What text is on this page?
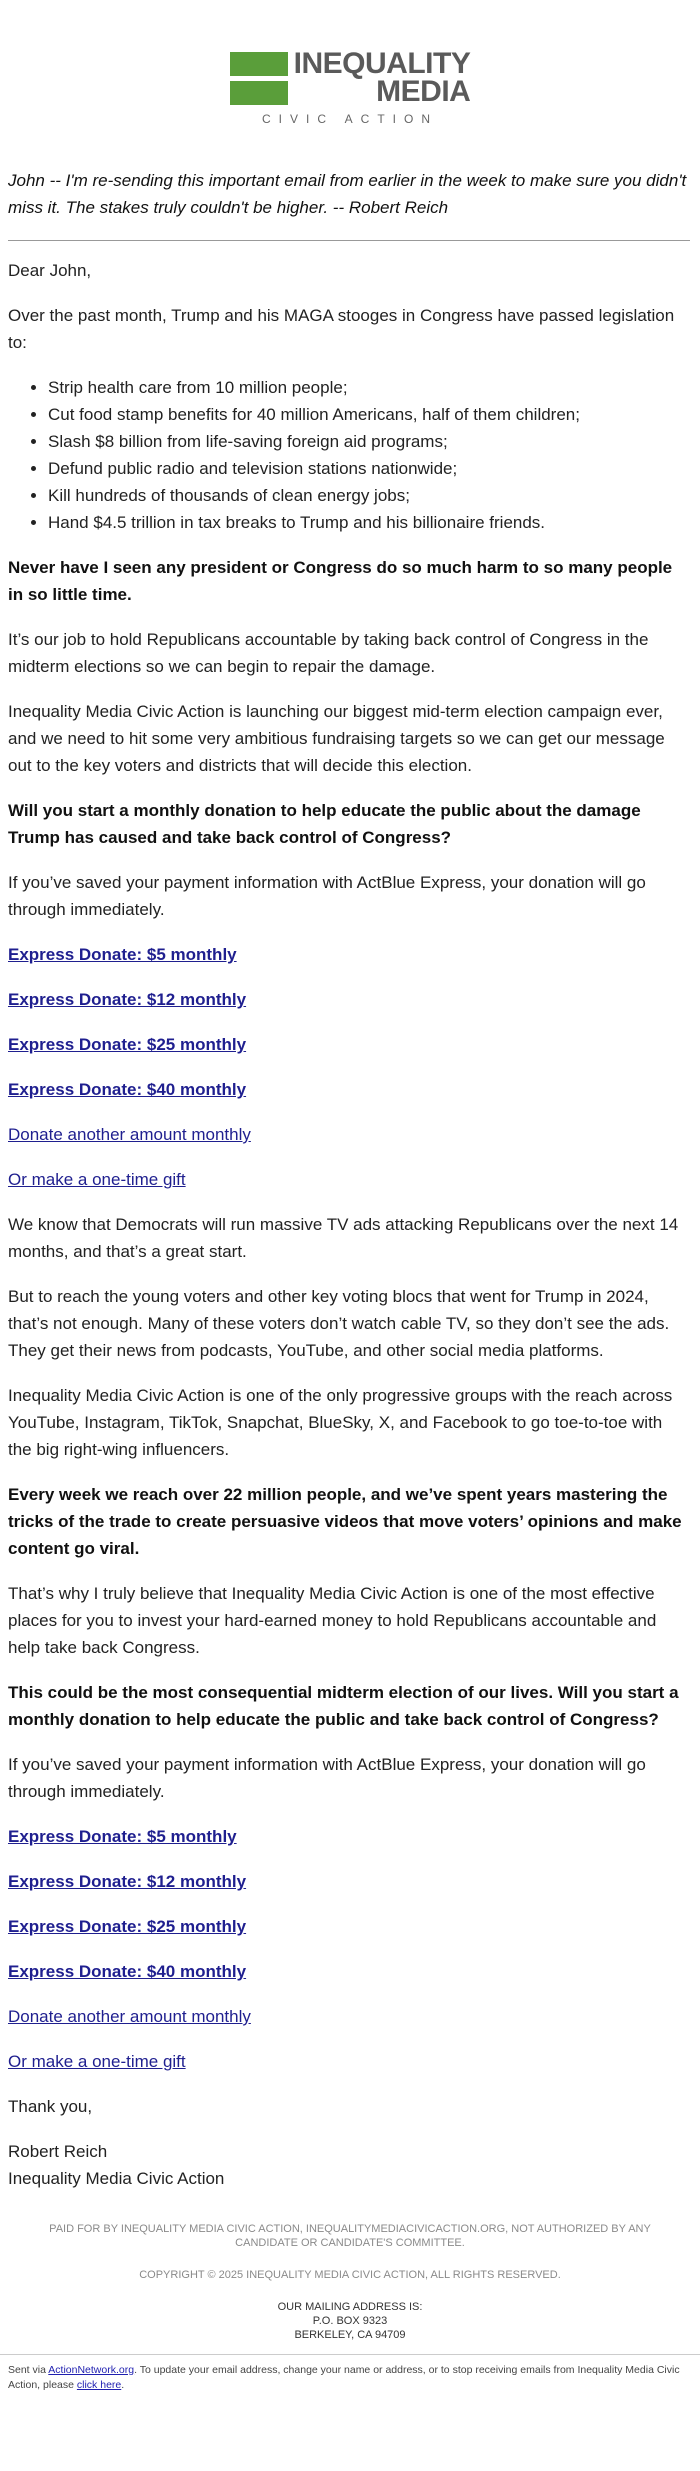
INEQUALITY
MEDIA
CIVIC ACTION
John -- I'm re-sending this important email from earlier in the week to make sure you didn't miss it. The stakes truly couldn't be higher. -- Robert Reich

Dear John,

Over the past month, Trump and his MAGA stooges in Congress have passed legislation to:

• Strip health care from 10 million people;
• Cut food stamp benefits for 40 million Americans, half of them children;
• Slash $8 billion from life-saving foreign aid programs;
• Defund public radio and television stations nationwide;
• Kill hundreds of thousands of clean energy jobs;
• Hand $4.5 trillion in tax breaks to Trump and his billionaire friends.

Never have I seen any president or Congress do so much harm to so many people in so little time.

It’s our job to hold Republicans accountable by taking back control of Congress in the midterm elections so we can begin to repair the damage.

Inequality Media Civic Action is launching our biggest mid-term election campaign ever, and we need to hit some very ambitious fundraising targets so we can get our message out to the key voters and districts that will decide this election.

Will you start a monthly donation to help educate the public about the damage Trump has caused and take back control of Congress?

If you’ve saved your payment information with ActBlue Express, your donation will go through immediately.

Express Donate: $5 monthly
Express Donate: $12 monthly
Express Donate: $25 monthly
Express Donate: $40 monthly
Donate another amount monthly
Or make a one-time gift

We know that Democrats will run massive TV ads attacking Republicans over the next 14 months, and that’s a great start.

But to reach the young voters and other key voting blocs that went for Trump in 2024, that’s not enough. Many of these voters don’t watch cable TV, so they don’t see the ads. They get their news from podcasts, YouTube, and other social media platforms.

Inequality Media Civic Action is one of the only progressive groups with the reach across YouTube, Instagram, TikTok, Snapchat, BlueSky, X, and Facebook to go toe-to-toe with the big right-wing influencers.

Every week we reach over 22 million people, and we’ve spent years mastering the tricks of the trade to create persuasive videos that move voters’ opinions and make content go viral.

That’s why I truly believe that Inequality Media Civic Action is one of the most effective places for you to invest your hard-earned money to hold Republicans accountable and help take back Congress.

This could be the most consequential midterm election of our lives. Will you start a monthly donation to help educate the public and take back control of Congress?

If you’ve saved your payment information with ActBlue Express, your donation will go through immediately.

Express Donate: $5 monthly
Express Donate: $12 monthly
Express Donate: $25 monthly
Express Donate: $40 monthly
Donate another amount monthly
Or make a one-time gift

Thank you,

Robert Reich

Inequality Media Civic Action

PAID FOR BY INEQUALITY MEDIA CIVIC ACTION, INEQUALITYMEDIACIVICACTION.ORG, NOT AUTHORIZED BY ANY CANDIDATE OR CANDIDATE'S COMMITTEE.
COPYRIGHT © 2025 INEQUALITY MEDIA CIVIC ACTION, ALL RIGHTS RESERVED.
OUR MAILING ADDRESS IS:
P.O. BOX 9323
BERKELEY, CA 94709
Sent via ActionNetwork.org. To update your email address, change your name or address, or to stop receiving emails from Inequality Media Civic Action, please click here.
